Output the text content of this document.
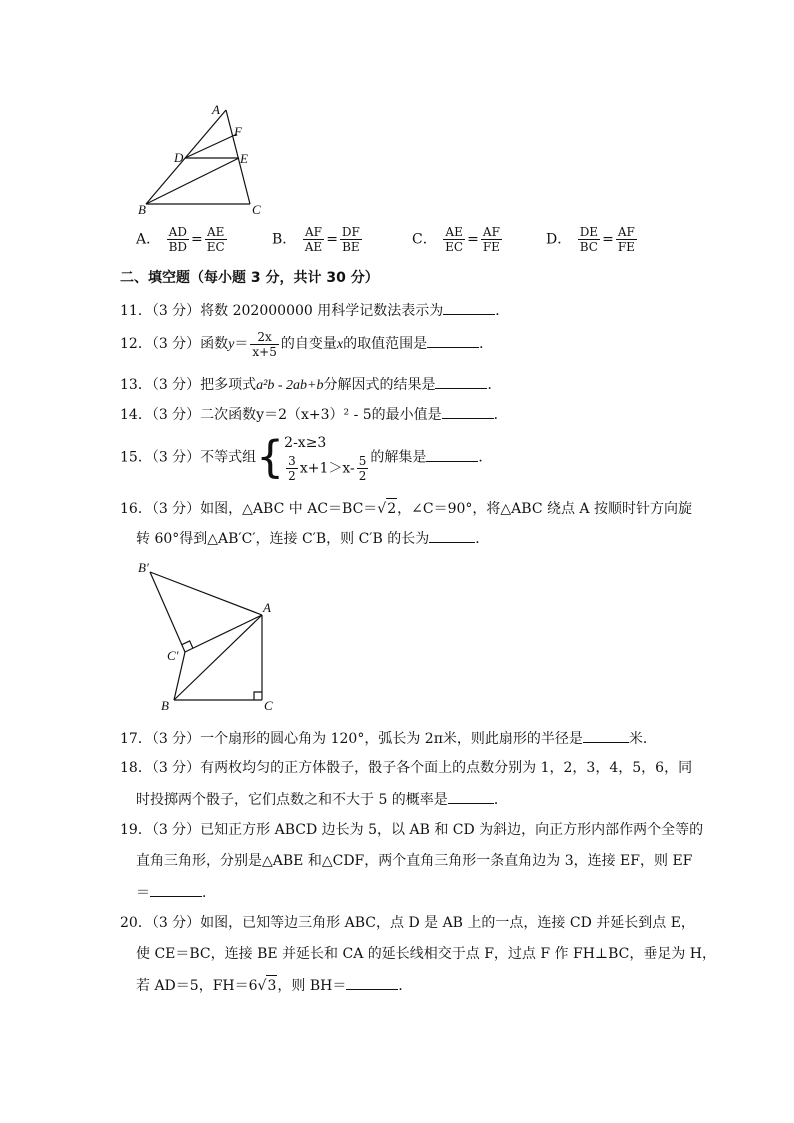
A
F
D	E
B	C
A． $\frac{AD}{BD} = \frac{AE}{EC}$	B． $\frac{AF}{AE} = \frac{DF}{BE}$	C． $\frac{AE}{EC} = \frac{AF}{FE}$	D． $\frac{DE}{BC} = \frac{AF}{FE}$
二、填空题（每小题 3 分，共计 30 分）
11．（3 分）将数 202000000 用科学记数法表示为	．
12．（3 分）函数$y= \frac{2x}{x+5}$ 的自变量x的取值范围是	．
13．（3 分）把多项式a²b - 2ab+b分解因式的结果是	．
14．（3 分）二次函数y＝2（x+3）² - 5的最小值是	．
15．（3 分）不等式组{ 2-x≥3
$\frac{3}{2} x+1>x- \frac{5}{2}$ 的解集是	．
16．（3 分）如图，△ABC 中 AC＝BC＝√2，∠C＝90°，将△ABC 绕点 A 按顺时针方向旋
转 60°得到△AB′C′，连接 C′B，则 C′B 的长为	．
B′
A
C′
B	C
17．（3 分）一个扇形的圆心角为 120°，弧长为 2π米，则此扇形的半径是	米．
18．（3 分）有两枚均匀的正方体骰子，骰子各个面上的点数分别为 1，2，3，4，5，6，同
时投掷两个骰子，它们点数之和不大于 5 的概率是	．
19．（3 分）已知正方形 ABCD 边长为 5，以 AB 和 CD 为斜边，向正方形内部作两个全等的
直角三角形，分别是△ABE 和△CDF，两个直角三角形一条直角边为 3，连接 EF，则 EF
＝	．
20．（3 分）如图，已知等边三角形 ABC，点 D 是 AB 上的一点，连接 CD 并延长到点 E，
使 CE＝BC，连接 BE 并延长和 CA 的延长线相交于点 F，过点 F 作 FH⊥BC，垂足为 H，
若 AD＝5，FH＝6√3，则 BH＝	．
